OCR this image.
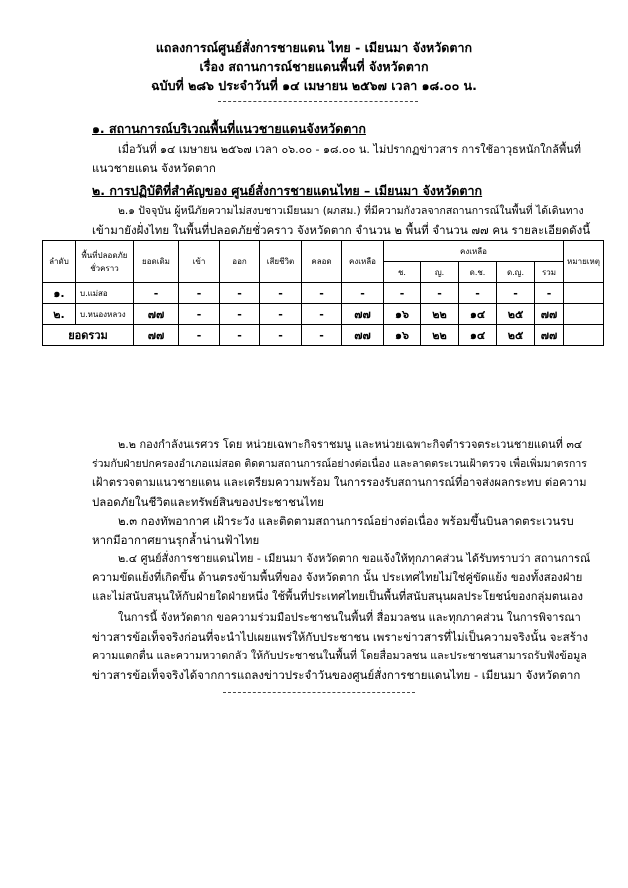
แถลงการณ์ศูนย์สั่งการชายแดน ไทย - เมียนมา จังหวัดตาก
เรื่อง สถานการณ์ชายแดนพื้นที่ จังหวัดตาก
ฉบับที่ ๒๘๖ ประจำวันที่ ๑๔ เมษายน ๒๕๖๗ เวลา ๑๘.๐๐ น.
๑. สถานการณ์บริเวณพื้นที่แนวชายแดนจังหวัดตาก
เมื่อวันที่ ๑๔ เมษายน ๒๕๖๗ เวลา ๐๖.๐๐ - ๑๘.๐๐ น. ไม่ปรากฏข่าวสาร การใช้อาวุธหนักใกล้พื้นที่
แนวชายแดน จังหวัดตาก
๒. การปฏิบัติที่สำคัญของ ศูนย์สั่งการชายแดนไทย – เมียนมา จังหวัดตาก
๒.๑ ปัจจุบัน ผู้หนีภัยความไม่สงบชาวเมียนมา (ผภสม.) ที่มีความกังวลจากสถานการณ์ในพื้นที่ ได้เดินทาง
ลำดับ	พื้นที่ปลอดภัยชั่วคราว	ยอดเดิม	เข้า	ออก	เสียชีวิต	คลอด	คงเหลือ	คงเหลือ					หมายเหตุ
								ช.	ญ.	ด.ช.	ด.ญ.	รวม	
๑.	บ.แม่สอ	-	-	-	-	-	-	-	-	-	-	-	
๒.	บ.หนองหลวง	๗๗	-	-	-	-	๗๗	๑๖	๒๒	๑๔	๒๕	๗๗	
ยอดรวม		๗๗	-	-	-	-	๗๗	๑๖	๒๒	๑๔	๒๕	๗๗	
เข้ามายังฝั่งไทย ในพื้นที่ปลอดภัยชั่วคราว จังหวัดตาก จำนวน ๒ พื้นที่ จำนวน ๗๗ คน รายละเอียดดังนี้
๒.๒ กองกำลังนเรศวร โดย หน่วยเฉพาะกิจราชมนู และหน่วยเฉพาะกิจตำรวจตระเวนชายแดนที่ ๓๔
ร่วมกับฝ่ายปกครองอำเภอแม่สอด ติดตามสถานการณ์อย่างต่อเนื่อง และลาดตระเวนเฝ้าตรวจ เพื่อเพิ่มมาตรการ
เฝ้าตรวจตามแนวชายแดน และเตรียมความพร้อม ในการรองรับสถานการณ์ที่อาจส่งผลกระทบ ต่อความ
ปลอดภัยในชีวิตและทรัพย์สินของประชาชนไทย
๒.๓ กองทัพอากาศ เฝ้าระวัง และติดตามสถานการณ์อย่างต่อเนื่อง พร้อมขึ้นบินลาดตระเวนรบ
หากมีอากาศยานรุกล้ำน่านฟ้าไทย
๒.๔ ศูนย์สั่งการชายแดนไทย - เมียนมา จังหวัดตาก ขอแจ้งให้ทุกภาคส่วน ได้รับทราบว่า สถานการณ์
ความขัดแย้งที่เกิดขึ้น ด้านตรงข้ามพื้นที่ของ จังหวัดตาก นั้น ประเทศไทยไม่ใช่คู่ขัดแย้ง ของทั้งสองฝ่าย
และไม่สนับสนุนให้กับฝ่ายใดฝ่ายหนึ่ง ใช้พื้นที่ประเทศไทยเป็นพื้นที่สนับสนุนผลประโยชน์ของกลุ่มตนเอง
ในการนี้ จังหวัดตาก ขอความร่วมมือประชาชนในพื้นที่ สื่อมวลชน และทุกภาคส่วน ในการพิจารณา
ข่าวสารข้อเท็จจริงก่อนที่จะนำไปเผยแพร่ให้กับประชาชน เพราะข่าวสารที่ไม่เป็นความจริงนั้น จะสร้าง
ความแตกตื่น และความหวาดกลัว ให้กับประชาชนในพื้นที่ โดยสื่อมวลชน และประชาชนสามารถรับฟังข้อมูล
ข่าวสารข้อเท็จจริงได้จากการแถลงข่าวประจำวันของศูนย์สั่งการชายแดนไทย - เมียนมา จังหวัดตาก
